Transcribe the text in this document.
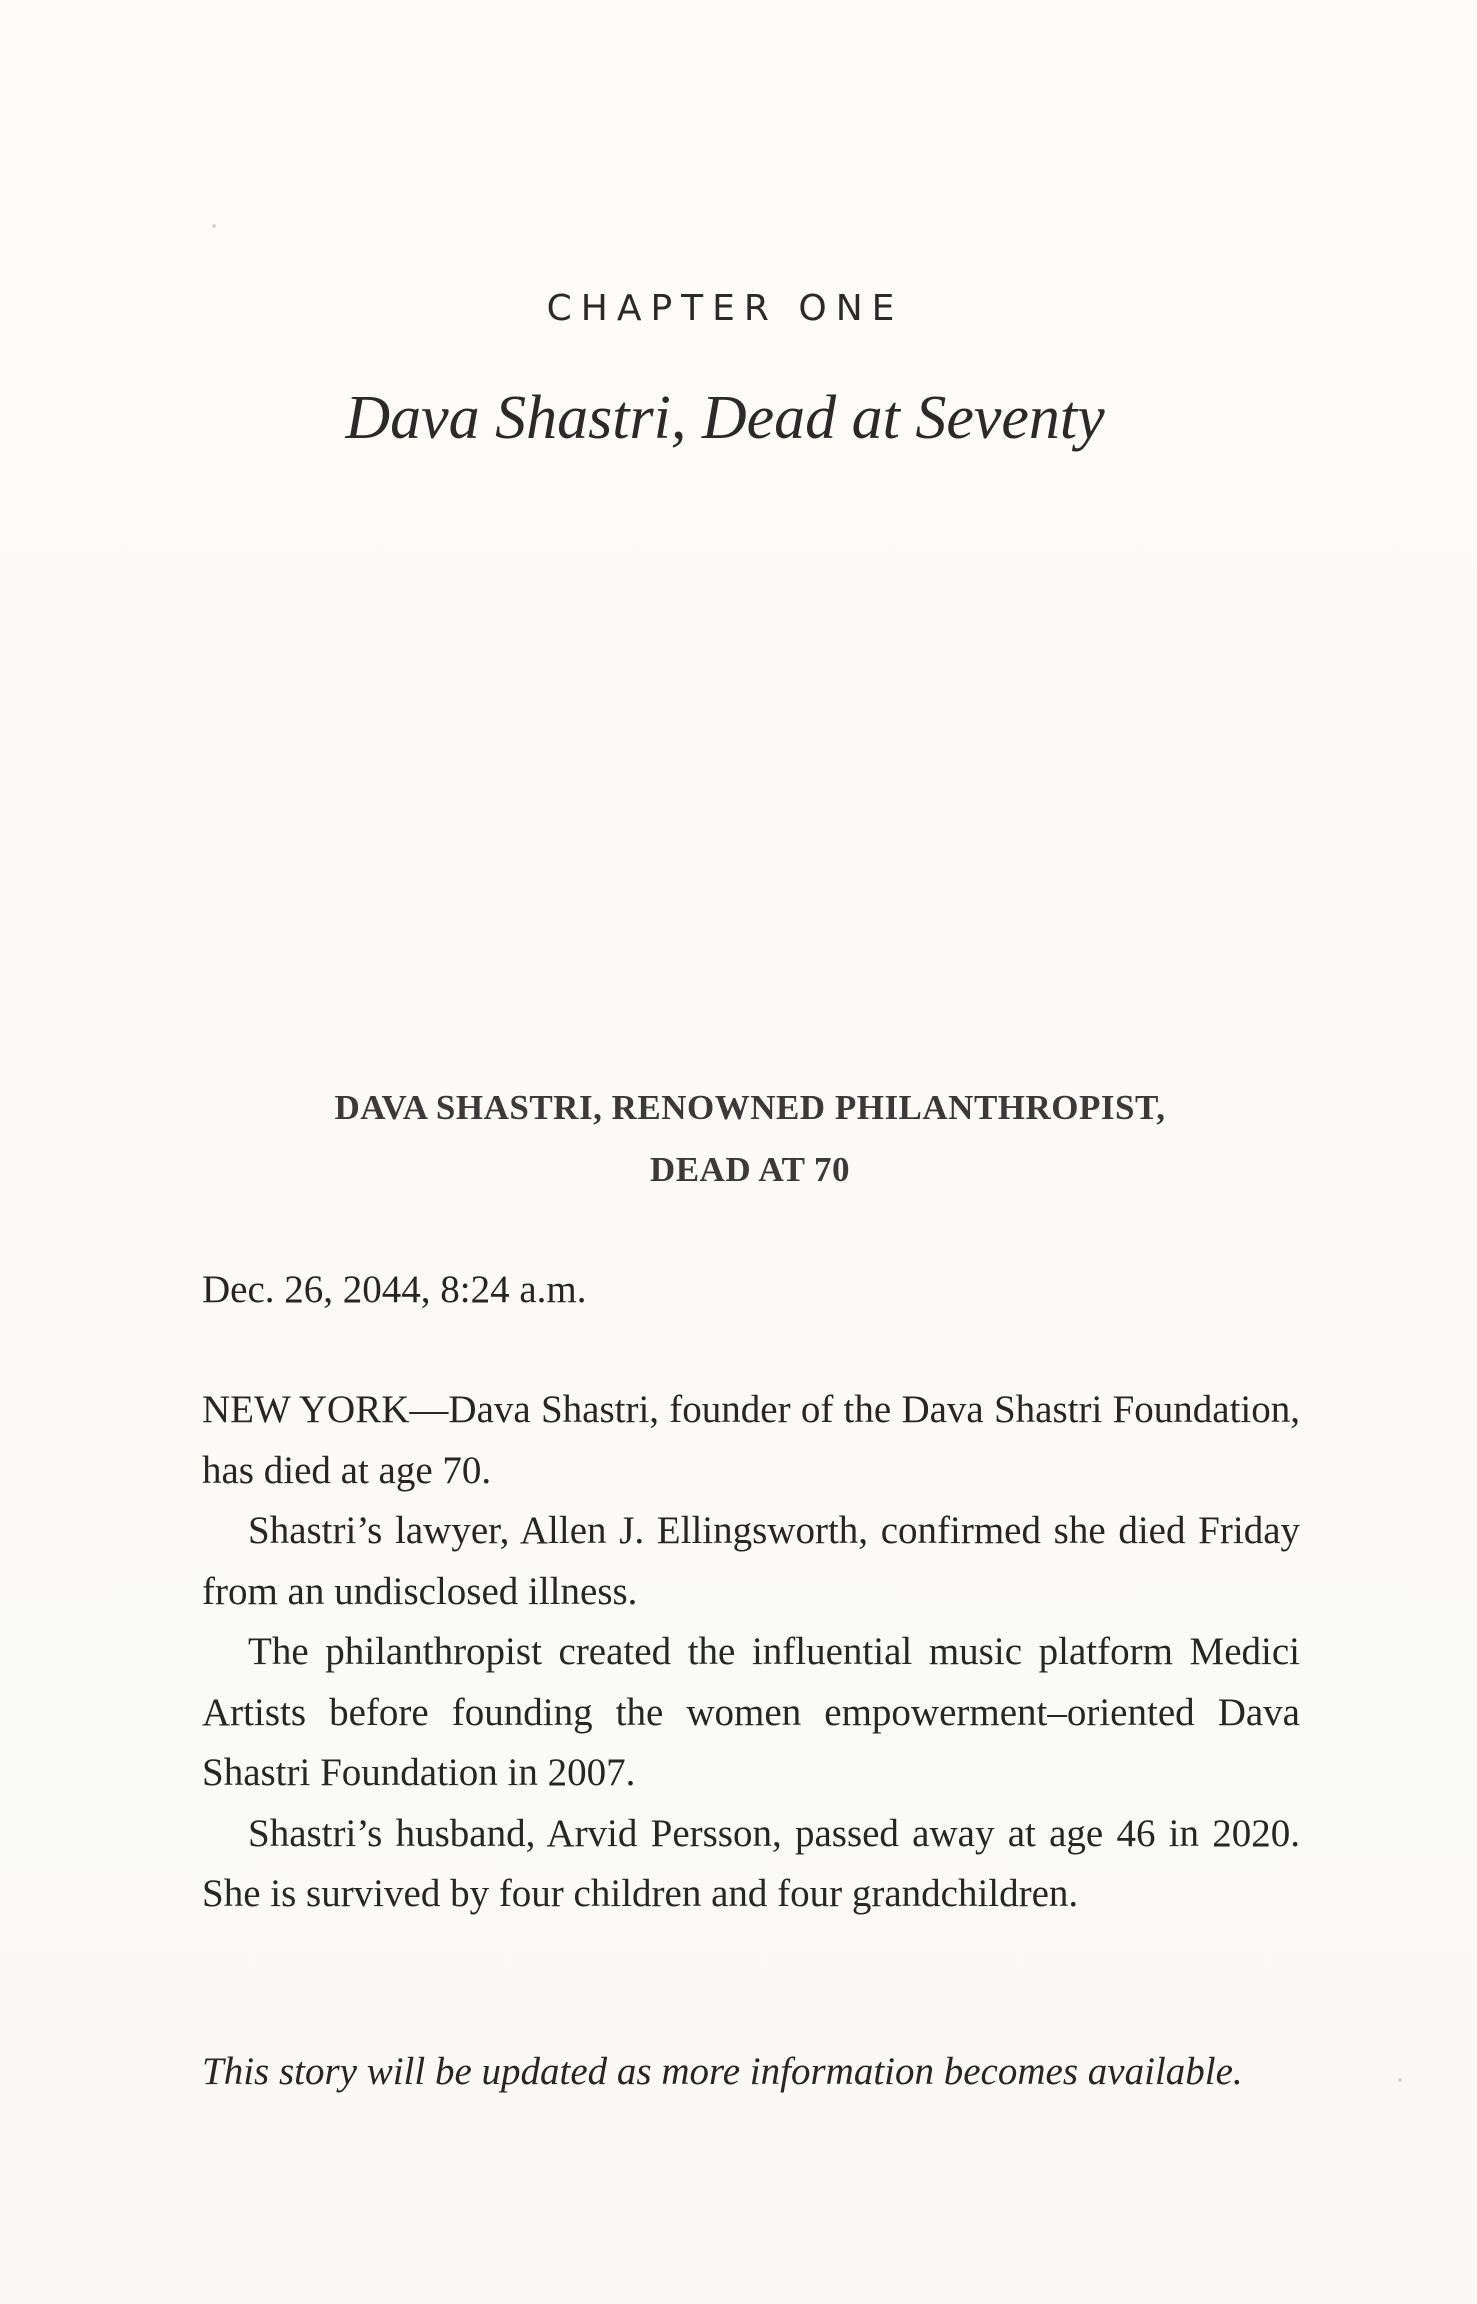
CHAPTER ONE
Dava Shastri, Dead at Seventy
DAVA SHASTRI, RENOWNED PHILANTHROPIST,
DEAD AT 70
Dec. 26, 2044, 8:24 a.m.

NEW YORK—Dava Shastri, founder of the Dava Shastri Foundation, has died at age 70.

Shastri’s lawyer, Allen J. Ellingsworth, confirmed she died Friday from an undisclosed illness.

The philanthropist created the influential music platform Medici Artists before founding the women empowerment–oriented Dava Shastri Foundation in 2007.

Shastri’s husband, Arvid Persson, passed away at age 46 in 2020. She is survived by four children and four grandchildren.

This story will be updated as more information becomes available.
